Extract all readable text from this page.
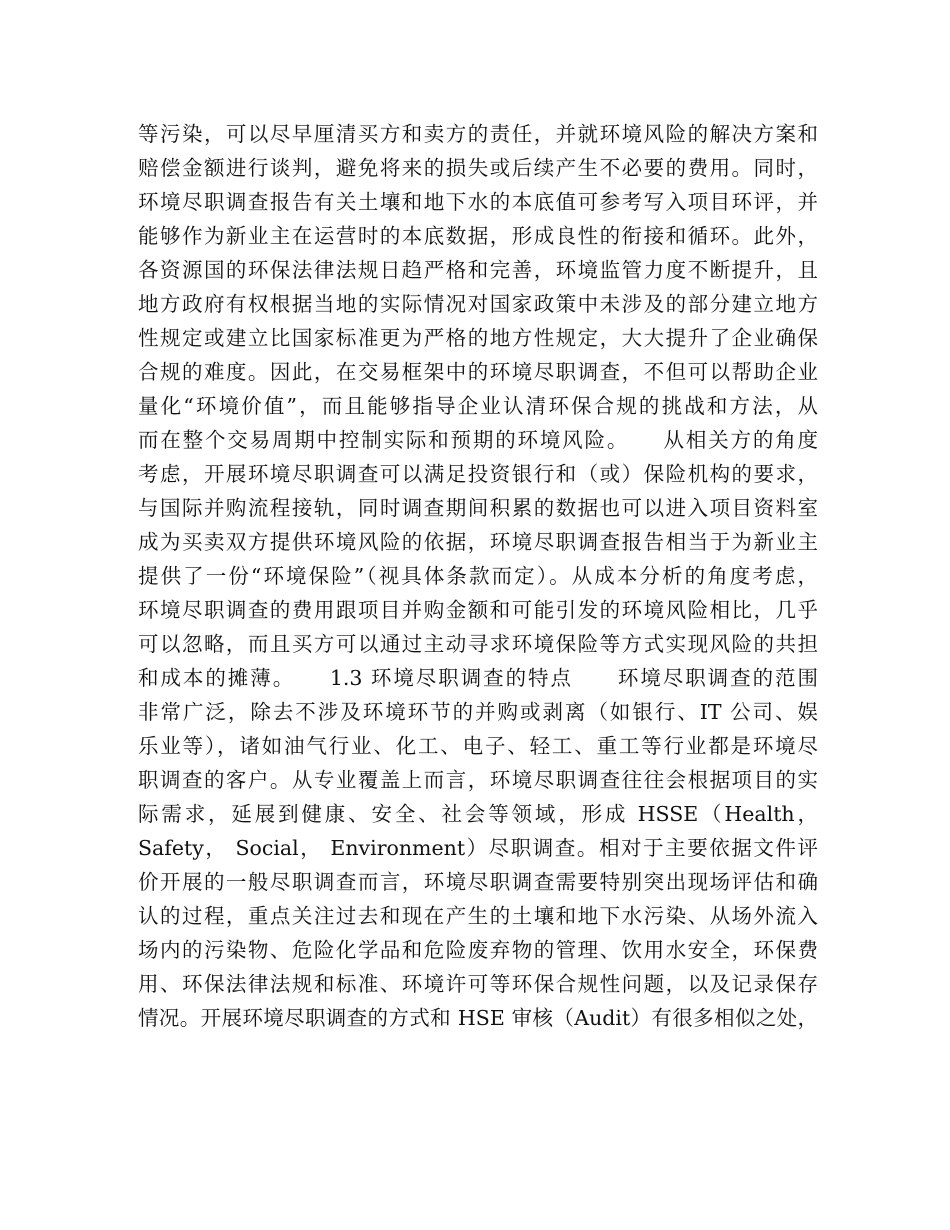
等污染，可以尽早厘清买方和卖方的责任，并就环境风险的解决方案和
赔偿金额进行谈判，避免将来的损失或后续产生不必要的费用。同时，
环境尽职调查报告有关土壤和地下水的本底值可参考写入项目环评，并
能够作为新业主在运营时的本底数据，形成良性的衔接和循环。此外，
各资源国的环保法律法规日趋严格和完善，环境监管力度不断提升，且
地方政府有权根据当地的实际情况对国家政策中未涉及的部分建立地方
性规定或建立比国家标准更为严格的地方性规定，大大提升了企业确保
合规的难度。因此，在交易框架中的环境尽职调查，不但可以帮助企业
量化“环境价值”，而且能够指导企业认清环保合规的挑战和方法，从
而在整个交易周期中控制实际和预期的环境风险。　　从相关方的角度
考虑，开展环境尽职调查可以满足投资银行和（或）保险机构的要求，
与国际并购流程接轨，同时调查期间积累的数据也可以进入项目资料室
成为买卖双方提供环境风险的依据，环境尽职调查报告相当于为新业主
提供了一份“环境保险”（视具体条款而定）。从成本分析的角度考虑，
环境尽职调查的费用跟项目并购金额和可能引发的环境风险相比，几乎
可以忽略，而且买方可以通过主动寻求环境保险等方式实现风险的共担
和成本的摊薄。　　1.3 环境尽职调查的特点　　环境尽职调查的范围
非常广泛，除去不涉及环境环节的并购或剥离（如银行、IT 公司、娱
乐业等），诸如油气行业、化工、电子、轻工、重工等行业都是环境尽
职调查的客户。从专业覆盖上而言，环境尽职调查往往会根据项目的实
际需求，延展到健康、安全、社会等领域，形成 HSSE（Health，
Safety， Social， Environment）尽职调查。相对于主要依据文件评
价开展的一般尽职调查而言，环境尽职调查需要特别突出现场评估和确
认的过程，重点关注过去和现在产生的土壤和地下水污染、从场外流入
场内的污染物、危险化学品和危险废弃物的管理、饮用水安全，环保费
用、环保法律法规和标准、环境许可等环保合规性问题，以及记录保存
情况。开展环境尽职调查的方式和 HSE 审核（Audit）有很多相似之处，
